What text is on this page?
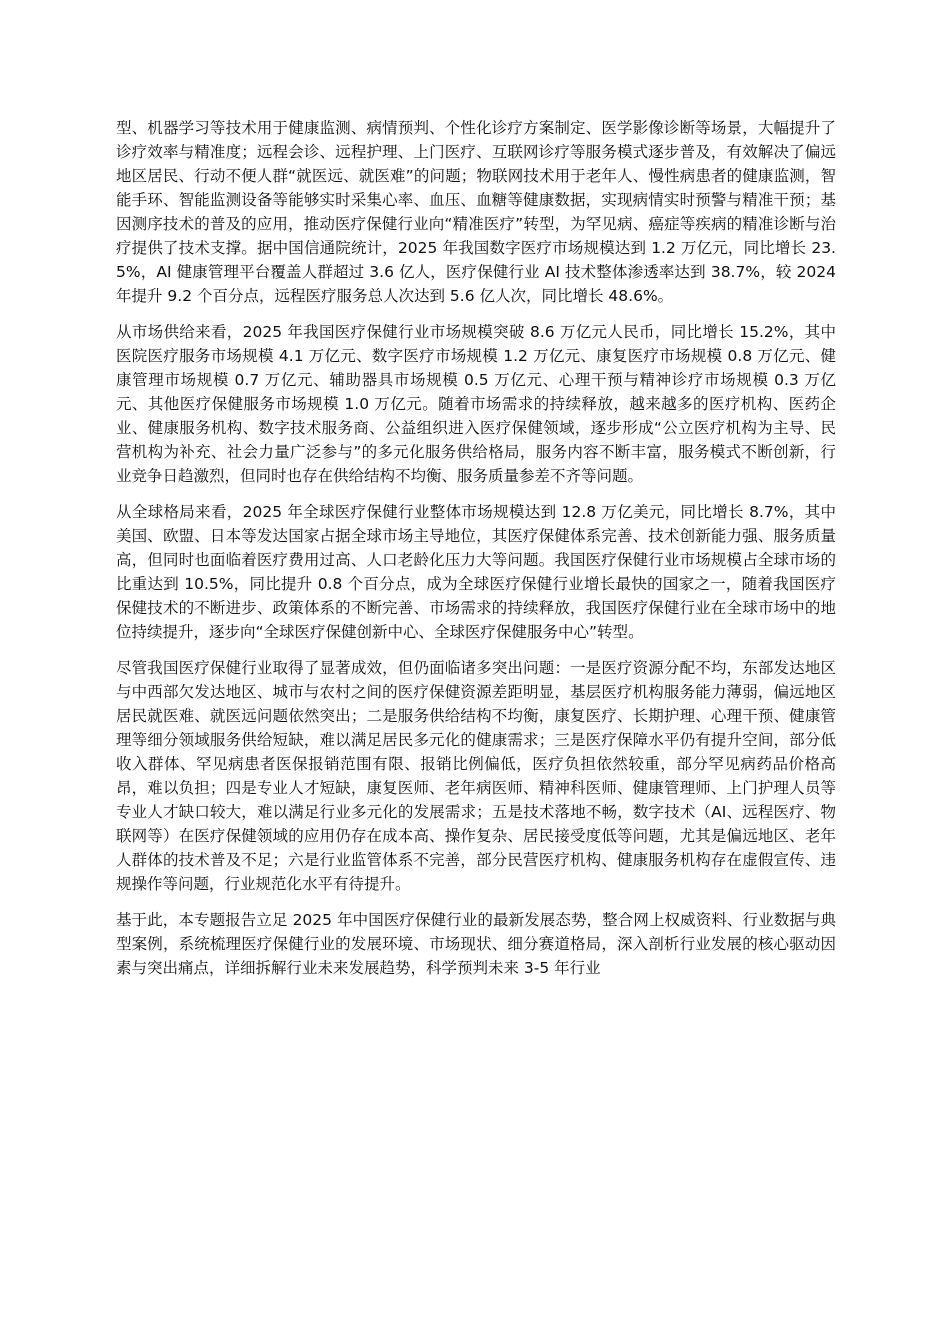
型、机器学习等技术用于健康监测、病情预判、个性化诊疗方案制定、医学影像诊断等场景，大幅提升了诊疗效率与精准度；远程会诊、远程护理、上门医疗、互联网诊疗等服务模式逐步普及，有效解决了偏远地区居民、行动不便人群“就医远、就医难”的问题；物联网技术用于老年人、慢性病患者的健康监测，智能手环、智能监测设备等能够实时采集心率、血压、血糖等健康数据，实现病情实时预警与精准干预；基因测序技术的普及的应用，推动医疗保健行业向“精准医疗”转型，为罕见病、癌症等疾病的精准诊断与治疗提供了技术支撑。据中国信通院统计，2025 年我国数字医疗市场规模达到 1.2 万亿元，同比增长 23.5%，AI 健康管理平台覆盖人群超过 3.6 亿人，医疗保健行业 AI 技术整体渗透率达到 38.7%，较 2024 年提升 9.2 个百分点，远程医疗服务总人次达到 5.6 亿人次，同比增长 48.6%。

从市场供给来看，2025 年我国医疗保健行业市场规模突破 8.6 万亿元人民币，同比增长 15.2%，其中医院医疗服务市场规模 4.1 万亿元、数字医疗市场规模 1.2 万亿元、康复医疗市场规模 0.8 万亿元、健康管理市场规模 0.7 万亿元、辅助器具市场规模 0.5 万亿元、心理干预与精神诊疗市场规模 0.3 万亿元、其他医疗保健服务市场规模 1.0 万亿元。随着市场需求的持续释放，越来越多的医疗机构、医药企业、健康服务机构、数字技术服务商、公益组织进入医疗保健领域，逐步形成“公立医疗机构为主导、民营机构为补充、社会力量广泛参与”的多元化服务供给格局，服务内容不断丰富，服务模式不断创新，行业竞争日趋激烈，但同时也存在供给结构不均衡、服务质量参差不齐等问题。

从全球格局来看，2025 年全球医疗保健行业整体市场规模达到 12.8 万亿美元，同比增长 8.7%，其中美国、欧盟、日本等发达国家占据全球市场主导地位，其医疗保健体系完善、技术创新能力强、服务质量高，但同时也面临着医疗费用过高、人口老龄化压力大等问题。我国医疗保健行业市场规模占全球市场的比重达到 10.5%，同比提升 0.8 个百分点，成为全球医疗保健行业增长最快的国家之一，随着我国医疗保健技术的不断进步、政策体系的不断完善、市场需求的持续释放，我国医疗保健行业在全球市场中的地位持续提升，逐步向“全球医疗保健创新中心、全球医疗保健服务中心”转型。

尽管我国医疗保健行业取得了显著成效，但仍面临诸多突出问题：一是医疗资源分配不均，东部发达地区与中西部欠发达地区、城市与农村之间的医疗保健资源差距明显，基层医疗机构服务能力薄弱，偏远地区居民就医难、就医远问题依然突出；二是服务供给结构不均衡，康复医疗、长期护理、心理干预、健康管理等细分领域服务供给短缺，难以满足居民多元化的健康需求；三是医疗保障水平仍有提升空间，部分低收入群体、罕见病患者医保报销范围有限、报销比例偏低，医疗负担依然较重，部分罕见病药品价格高昂，难以负担；四是专业人才短缺，康复医师、老年病医师、精神科医师、健康管理师、上门护理人员等专业人才缺口较大，难以满足行业多元化的发展需求；五是技术落地不畅，数字技术（AI、远程医疗、物联网等）在医疗保健领域的应用仍存在成本高、操作复杂、居民接受度低等问题，尤其是偏远地区、老年人群体的技术普及不足；六是行业监管体系不完善，部分民营医疗机构、健康服务机构存在虚假宣传、违规操作等问题，行业规范化水平有待提升。

基于此，本专题报告立足 2025 年中国医疗保健行业的最新发展态势，整合网上权威资料、行业数据与典型案例，系统梳理医疗保健行业的发展环境、市场现状、细分赛道格局，深入剖析行业发展的核心驱动因素与突出痛点，详细拆解行业未来发展趋势，科学预判未来 3-5 年行业
